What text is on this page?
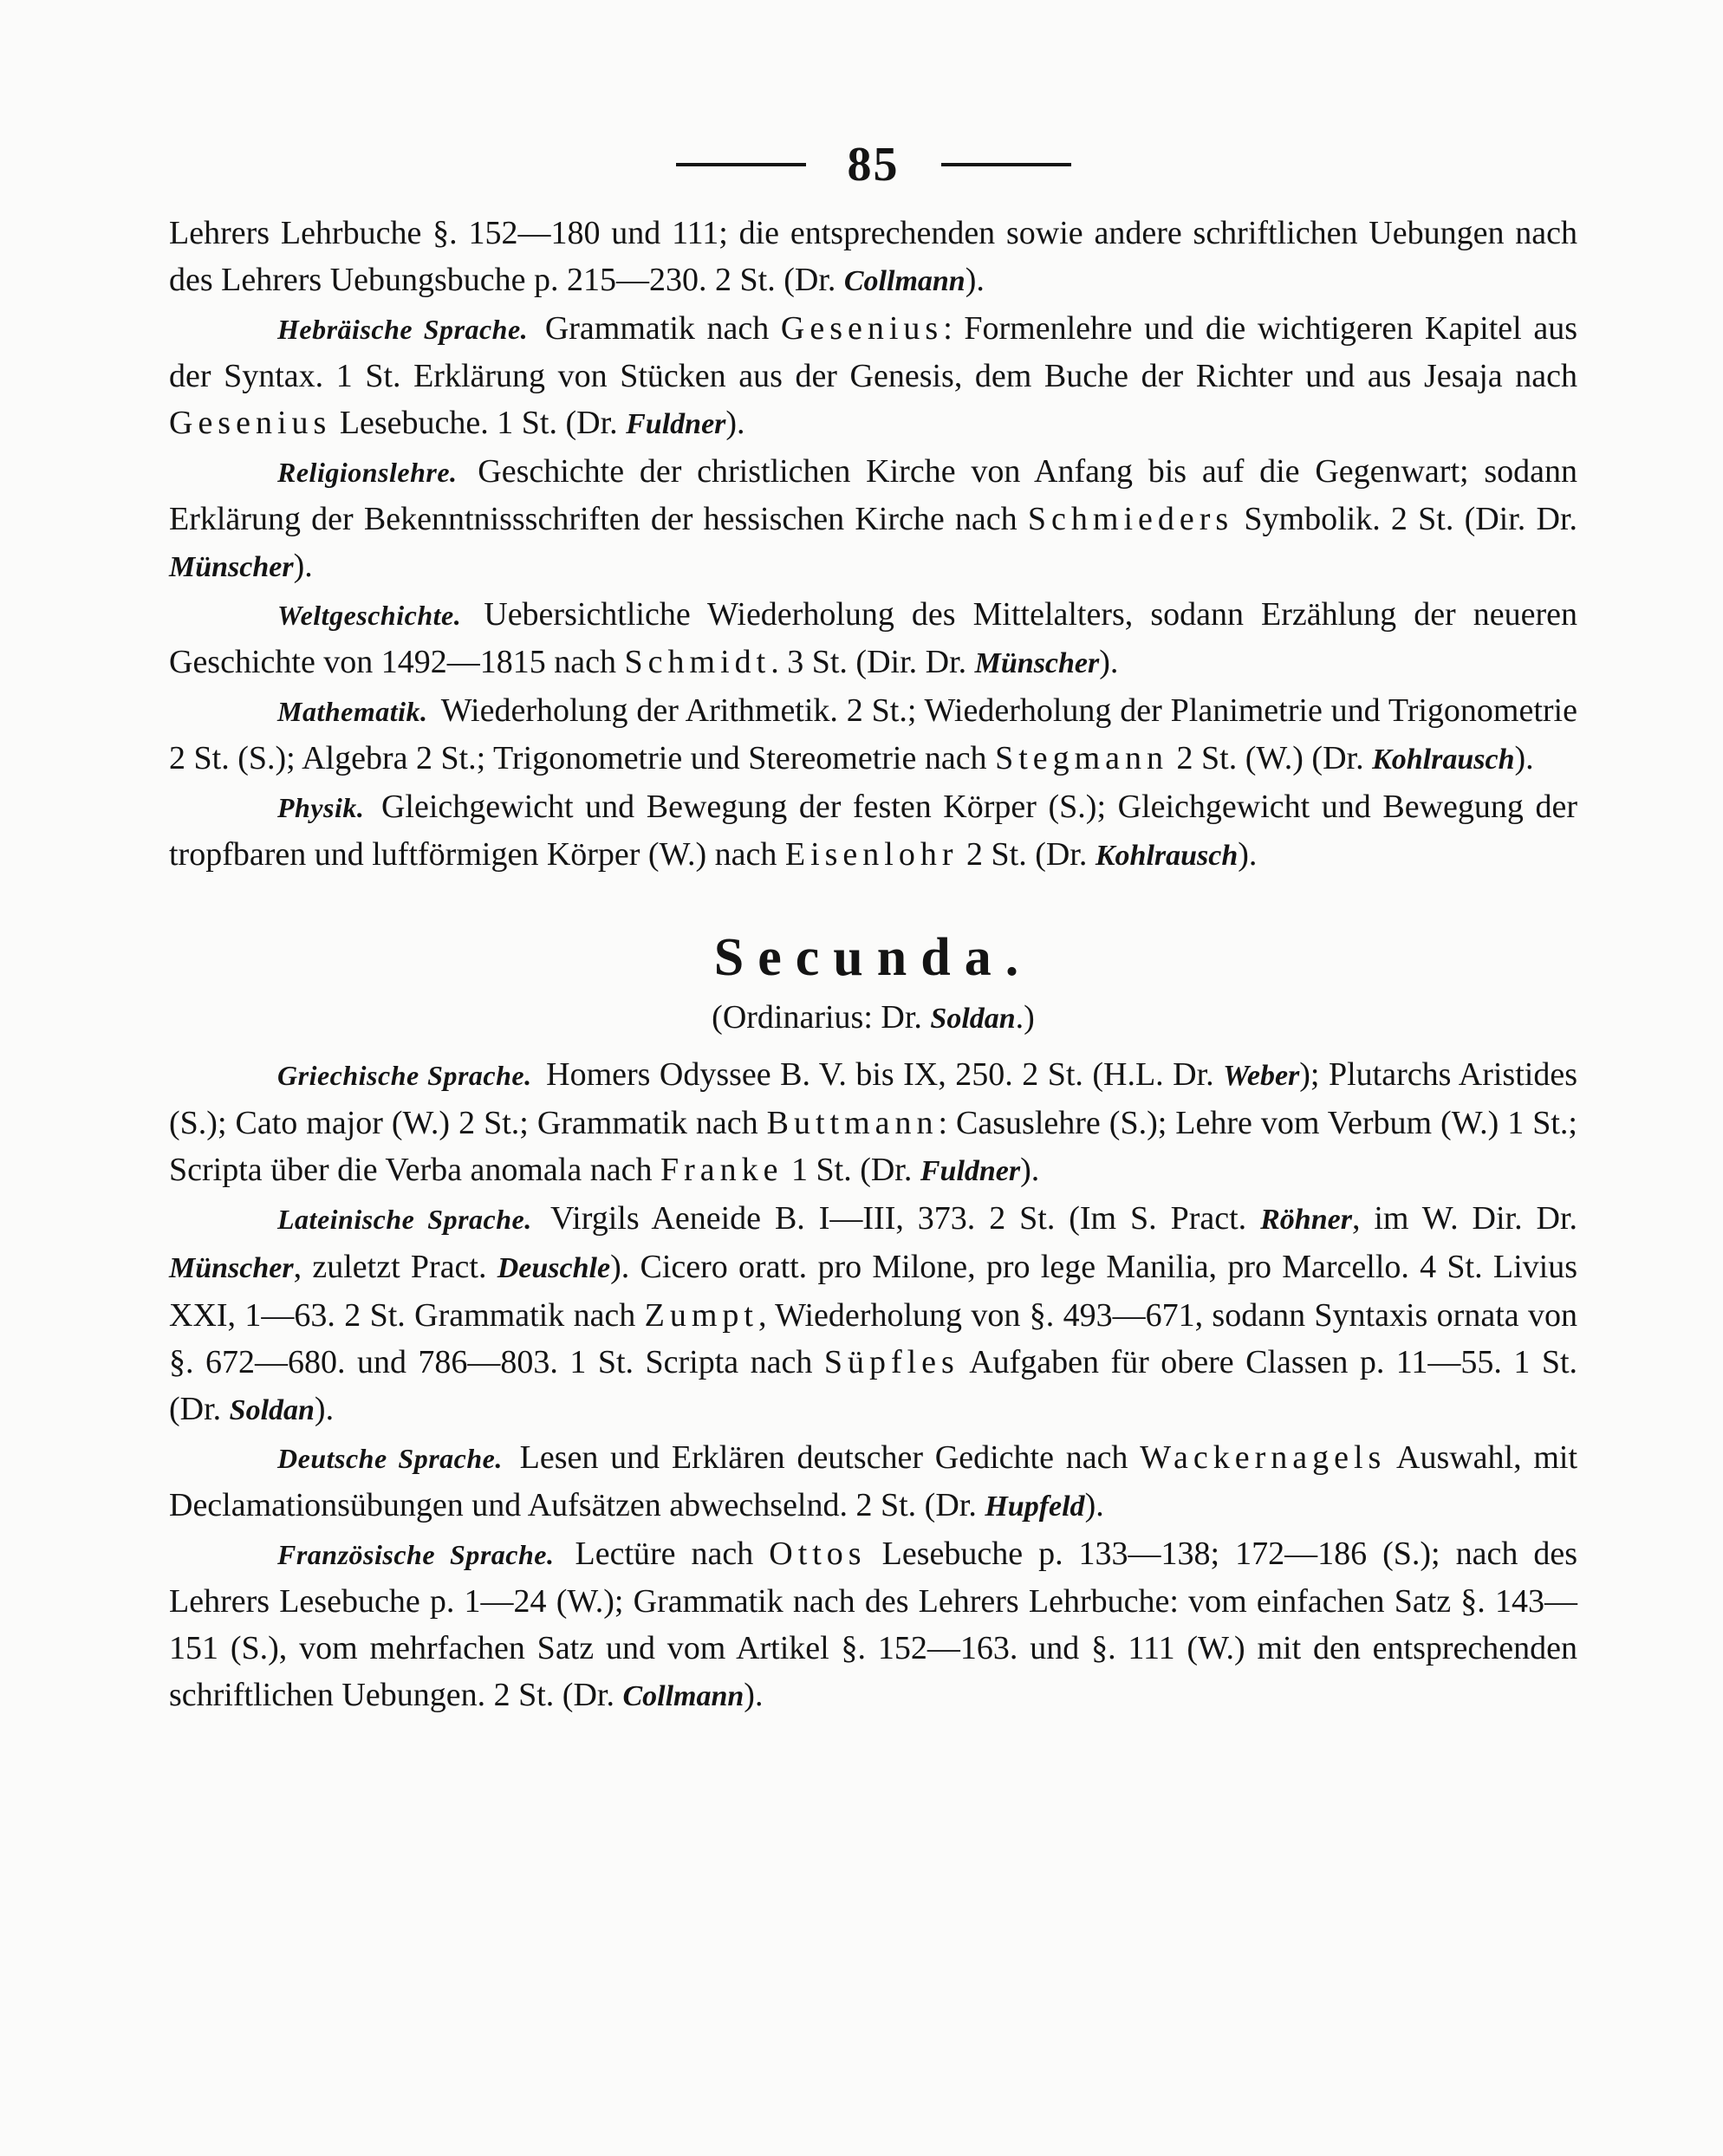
85

Lehrers Lehrbuche §. 152—180 und 111; die entsprechenden sowie andere schriftlichen Uebungen nach des Lehrers Uebungsbuche p. 215—230. 2 St. (Dr. Collmann).

Hebräische Sprache. Grammatik nach Gesenius: Formenlehre und die wichtigeren Kapitel aus der Syntax. 1 St. Erklärung von Stücken aus der Genesis, dem Buche der Richter und aus Jesaja nach Gesenius Lesebuche. 1 St. (Dr. Fuldner).

Religionslehre. Geschichte der christlichen Kirche von Anfang bis auf die Gegenwart; sodann Erklärung der Bekenntnissschriften der hessischen Kirche nach Schmieders Symbolik. 2 St. (Dir. Dr. Münscher).

Weltgeschichte. Uebersichtliche Wiederholung des Mittelalters, sodann Erzählung der neueren Geschichte von 1492—1815 nach Schmidt. 3 St. (Dir. Dr. Münscher).

Mathematik. Wiederholung der Arithmetik. 2 St.; Wiederholung der Planimetrie und Trigonometrie 2 St. (S.); Algebra 2 St.; Trigonometrie und Stereometrie nach Stegmann 2 St. (W.) (Dr. Kohlrausch).

Physik. Gleichgewicht und Bewegung der festen Körper (S.); Gleichgewicht und Bewegung der tropfbaren und luftförmigen Körper (W.) nach Eisenlohr 2 St. (Dr. Kohlrausch).

Secunda.
(Ordinarius: Dr. Soldan.)

Griechische Sprache. Homers Odyssee B. V. bis IX, 250. 2 St. (H.L. Dr. Weber); Plutarchs Aristides (S.); Cato major (W.) 2 St.; Grammatik nach Buttmann: Casuslehre (S.); Lehre vom Verbum (W.) 1 St.; Scripta über die Verba anomala nach Franke 1 St. (Dr. Fuldner).

Lateinische Sprache. Virgils Aeneide B. I—III, 373. 2 St. (Im S. Pract. Röhner, im W. Dir. Dr. Münscher, zuletzt Pract. Deuschle). Cicero oratt. pro Milone, pro lege Manilia, pro Marcello. 4 St. Livius XXI, 1—63. 2 St. Grammatik nach Zumpt, Wiederholung von §. 493—671, sodann Syntaxis ornata von §. 672—680. und 786—803. 1 St. Scripta nach Süpfles Aufgaben für obere Classen p. 11—55. 1 St. (Dr. Soldan).

Deutsche Sprache. Lesen und Erklären deutscher Gedichte nach Wackernagels Auswahl, mit Declamationsübungen und Aufsätzen abwechselnd. 2 St. (Dr. Hupfeld).

Französische Sprache. Lectüre nach Ottos Lesebuche p. 133—138; 172—186 (S.); nach des Lehrers Lesebuche p. 1—24 (W.); Grammatik nach des Lehrers Lehrbuche: vom einfachen Satz §. 143—151 (S.), vom mehrfachen Satz und vom Artikel §. 152—163. und §. 111 (W.) mit den entsprechenden schriftlichen Uebungen. 2 St. (Dr. Collmann).
